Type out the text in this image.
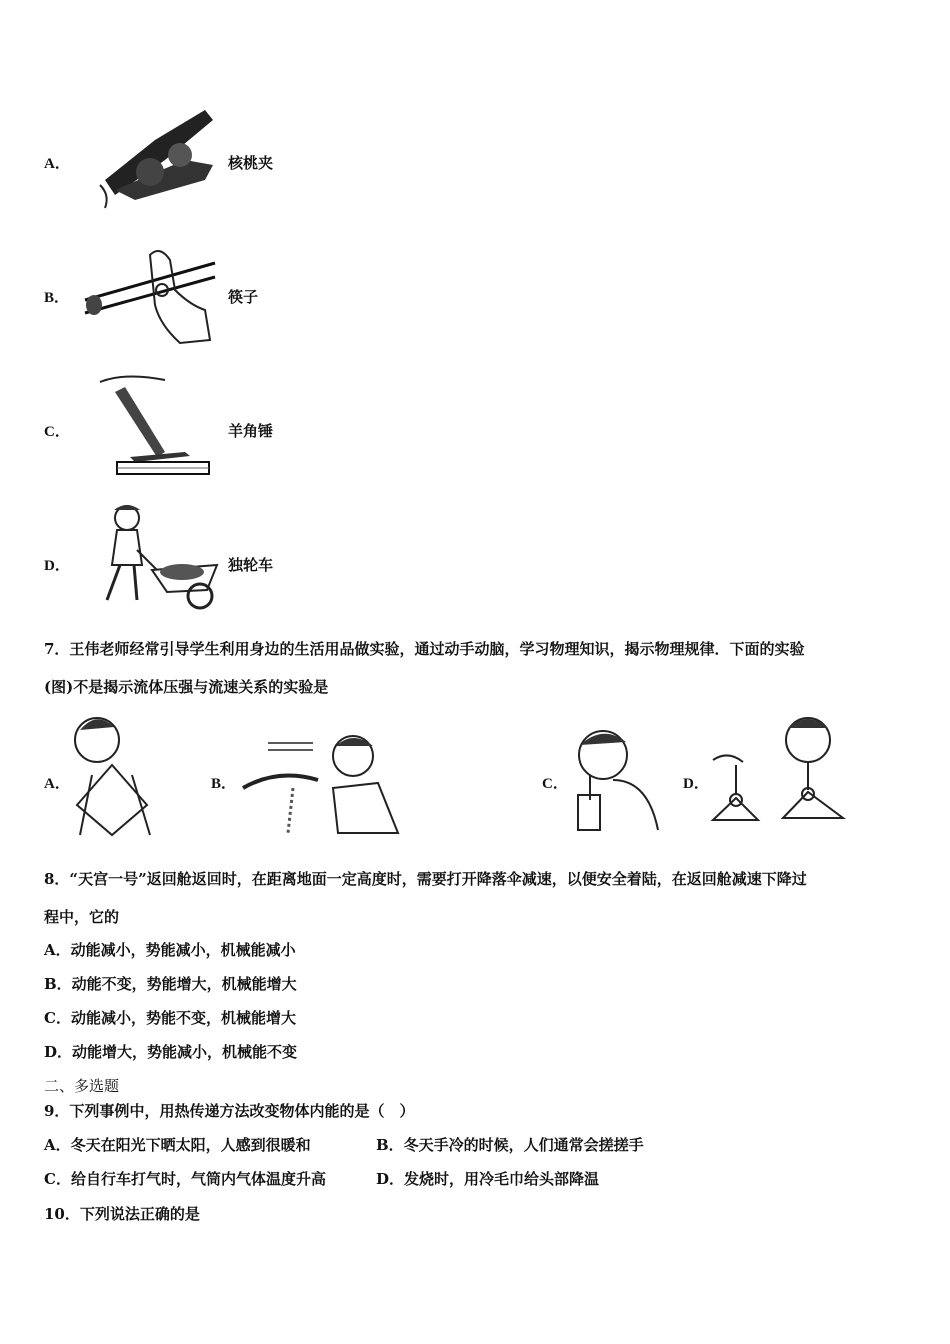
A．	核桃夹
B．	筷子
C．	羊角锤
D．	独轮车
7．王伟老师经常引导学生利用身边的生活用品做实验，通过动手动脑，学习物理知识，揭示物理规律．下面的实验
(图)不是揭示流体压强与流速关系的实验是
A．	B．	C．	D．
8．“天宫一号”返回舱返回时，在距离地面一定高度时，需要打开降落伞减速，以便安全着陆，在返回舱减速下降过
程中，它的
A．动能减小，势能减小，机械能减小
B．动能不变，势能增大，机械能增大
C．动能减小，势能不变，机械能增大
D．动能增大，势能减小，机械能不变
二、多选题
9．下列事例中，用热传递方法改变物体内能的是（　）
A．冬天在阳光下晒太阳，人感到很暖和	B．冬天手冷的时候，人们通常会搓搓手
C．给自行车打气时，气筒内气体温度升高	D．发烧时，用冷毛巾给头部降温
10．下列说法正确的是
